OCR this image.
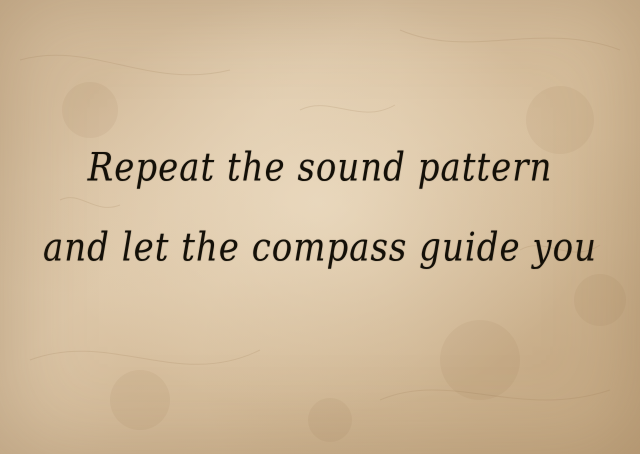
Repeat the sound pattern
and let the compass guide you
